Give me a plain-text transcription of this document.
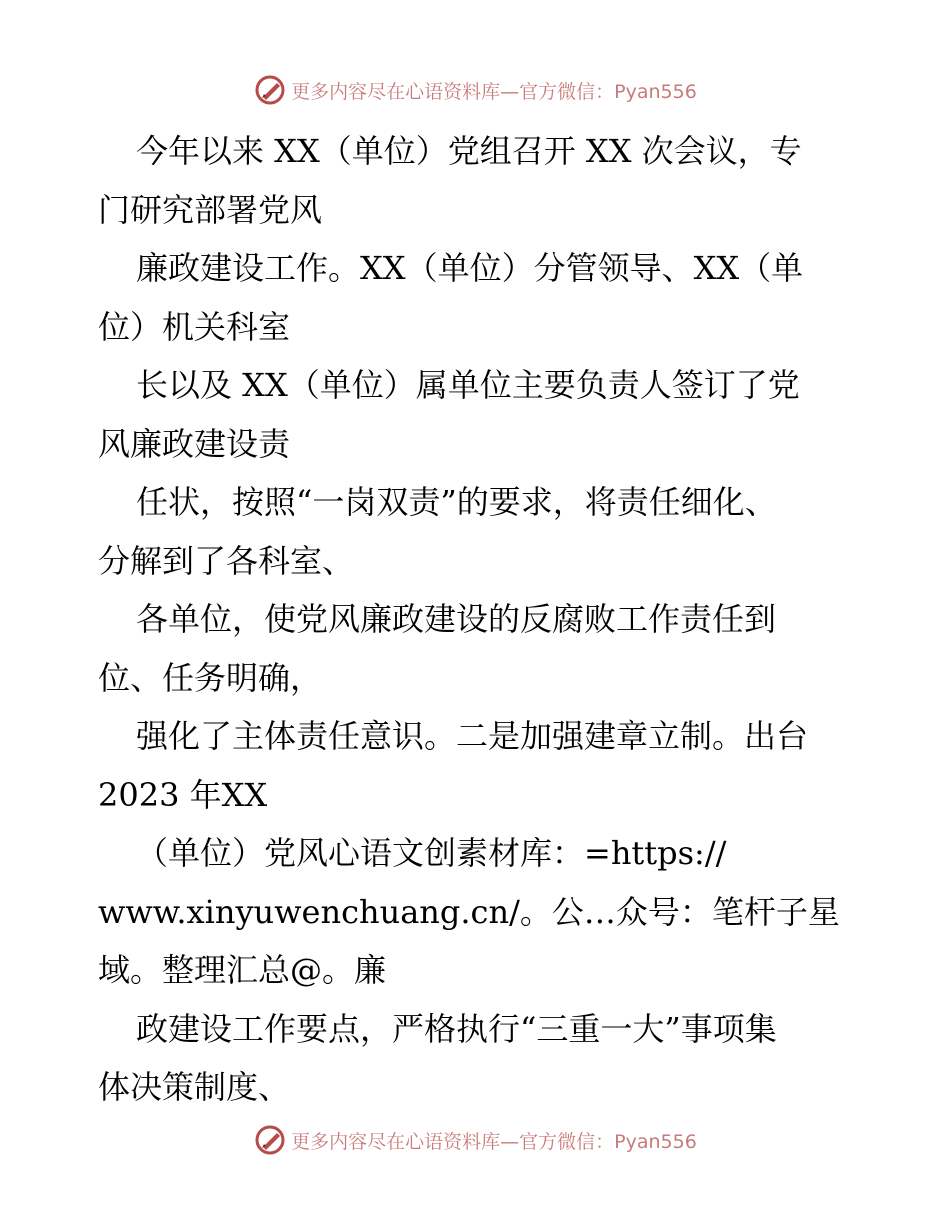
更多内容尽在心语资料库—官方微信：Pyan556
今年以来 XX（单位）党组召开 XX 次会议，专
门研究部署党风
廉政建设工作。XX（单位）分管领导、XX（单
位）机关科室
长以及 XX（单位）属单位主要负责人签订了党
风廉政建设责
任状，按照“一岗双责”的要求，将责任细化、
分解到了各科室、
各单位，使党风廉政建设的反腐败工作责任到
位、任务明确，
强化了主体责任意识。二是加强建章立制。出台
2023 年XX
（单位）党风心语文创素材库：=https://
www.xinyuwenchuang.cn/。公…众号：笔杆子星
域。整理汇总@。廉
政建设工作要点，严格执行“三重一大”事项集
体决策制度、
更多内容尽在心语资料库—官方微信：Pyan556
